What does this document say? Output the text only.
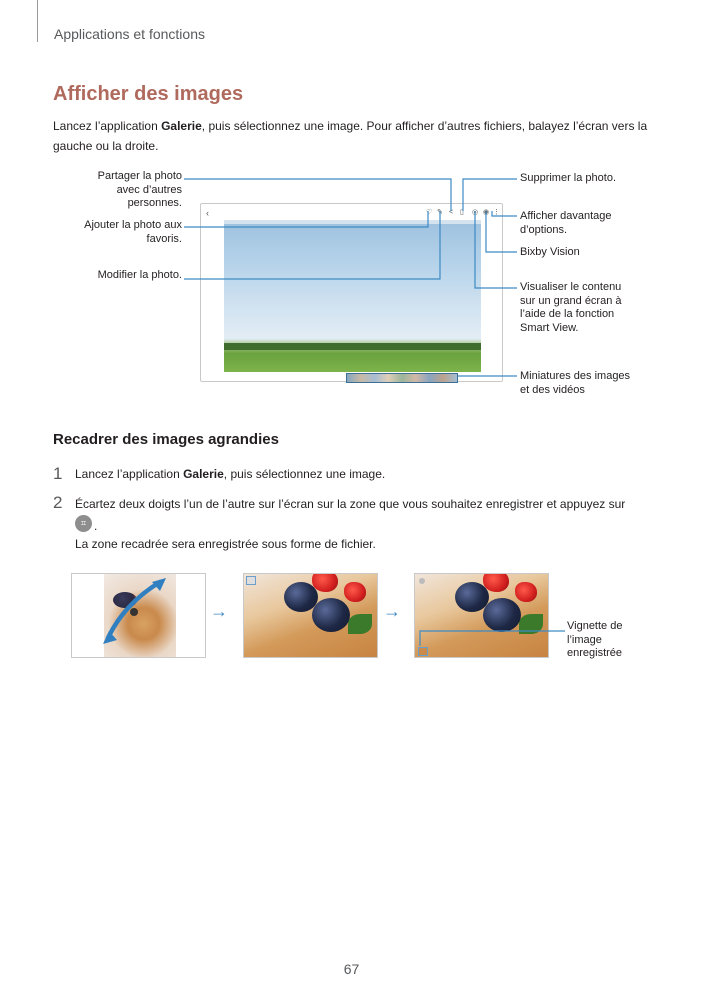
Applications et fonctions
Afficher des images

Lancez l’application Galerie, puis sélectionnez une image. Pour afficher d’autres fichiers, balayez l’écran vers la gauche ou la droite.

Partager la photo avec d’autres personnes.
Ajouter la photo aux favoris.
Modifier la photo.
Supprimer la photo.
Afficher davantage d’options.
Bixby Vision
Visualiser le contenu sur un grand écran à l’aide de la fonction Smart View.
Miniatures des images et des vidéos
‹	♡ ✎ < ▯ ◎ ◉ ⋮
Recadrer des images agrandies
1 Lancez l’application Galerie, puis sélectionnez une image.

2 Écartez deux doigts l’un de l’autre sur l’écran sur la zone que vous souhaitez enregistrer et appuyez sur

⌗ .

La zone recadrée sera enregistrée sous forme de fichier.

→	→
Vignette de l’image enregistrée
67
